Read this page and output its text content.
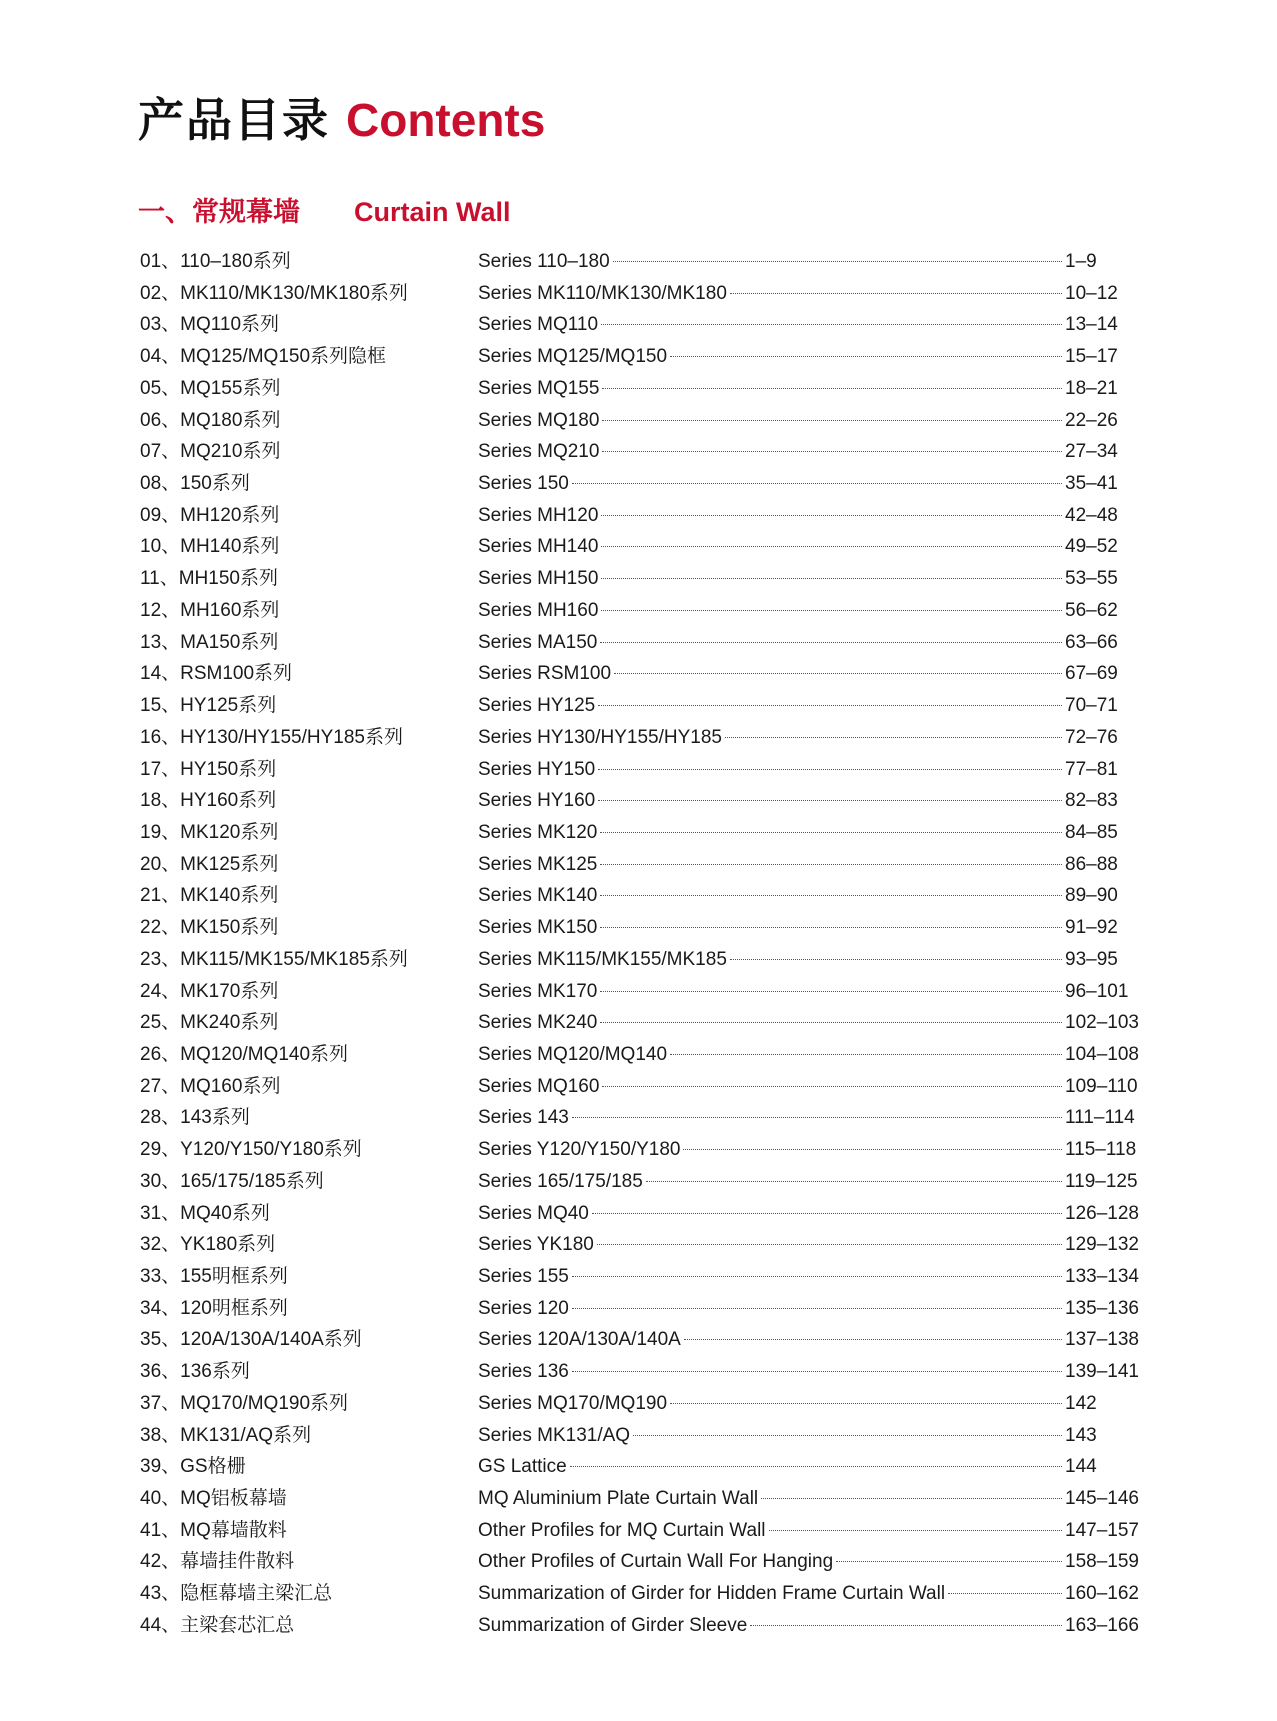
产品目录 Contents
一、常规幕墙 Curtain Wall
01、110–180系列	Series 110–180	1–9
02、MK110/MK130/MK180系列	Series MK110/MK130/MK180	10–12
03、MQ110系列	Series MQ110	13–14
04、MQ125/MQ150系列隐框	Series MQ125/MQ150	15–17
05、MQ155系列	Series MQ155	18–21
06、MQ180系列	Series MQ180	22–26
07、MQ210系列	Series MQ210	27–34
08、150系列	Series 150	35–41
09、MH120系列	Series MH120	42–48
10、MH140系列	Series MH140	49–52
11、MH150系列	Series MH150	53–55
12、MH160系列	Series MH160	56–62
13、MA150系列	Series MA150	63–66
14、RSM100系列	Series RSM100	67–69
15、HY125系列	Series HY125	70–71
16、HY130/HY155/HY185系列	Series HY130/HY155/HY185	72–76
17、HY150系列	Series HY150	77–81
18、HY160系列	Series HY160	82–83
19、MK120系列	Series MK120	84–85
20、MK125系列	Series MK125	86–88
21、MK140系列	Series MK140	89–90
22、MK150系列	Series MK150	91–92
23、MK115/MK155/MK185系列	Series MK115/MK155/MK185	93–95
24、MK170系列	Series MK170	96–101
25、MK240系列	Series MK240	102–103
26、MQ120/MQ140系列	Series MQ120/MQ140	104–108
27、MQ160系列	Series MQ160	109–110
28、143系列	Series 143	111–114
29、Y120/Y150/Y180系列	Series Y120/Y150/Y180	115–118
30、165/175/185系列	Series 165/175/185	119–125
31、MQ40系列	Series MQ40	126–128
32、YK180系列	Series YK180	129–132
33、155明框系列	Series 155	133–134
34、120明框系列	Series 120	135–136
35、120A/130A/140A系列	Series 120A/130A/140A	137–138
36、136系列	Series 136	139–141
37、MQ170/MQ190系列	Series MQ170/MQ190	142
38、MK131/AQ系列	Series MK131/AQ	143
39、GS格栅	GS Lattice	144
40、MQ铝板幕墙	MQ Aluminium Plate Curtain Wall	145–146
41、MQ幕墙散料	Other Profiles for MQ Curtain Wall	147–157
42、幕墙挂件散料	Other Profiles of Curtain Wall For Hanging	158–159
43、隐框幕墙主梁汇总	Summarization of Girder for Hidden Frame Curtain Wall	160–162
44、主梁套芯汇总	Summarization of Girder Sleeve	163–166
